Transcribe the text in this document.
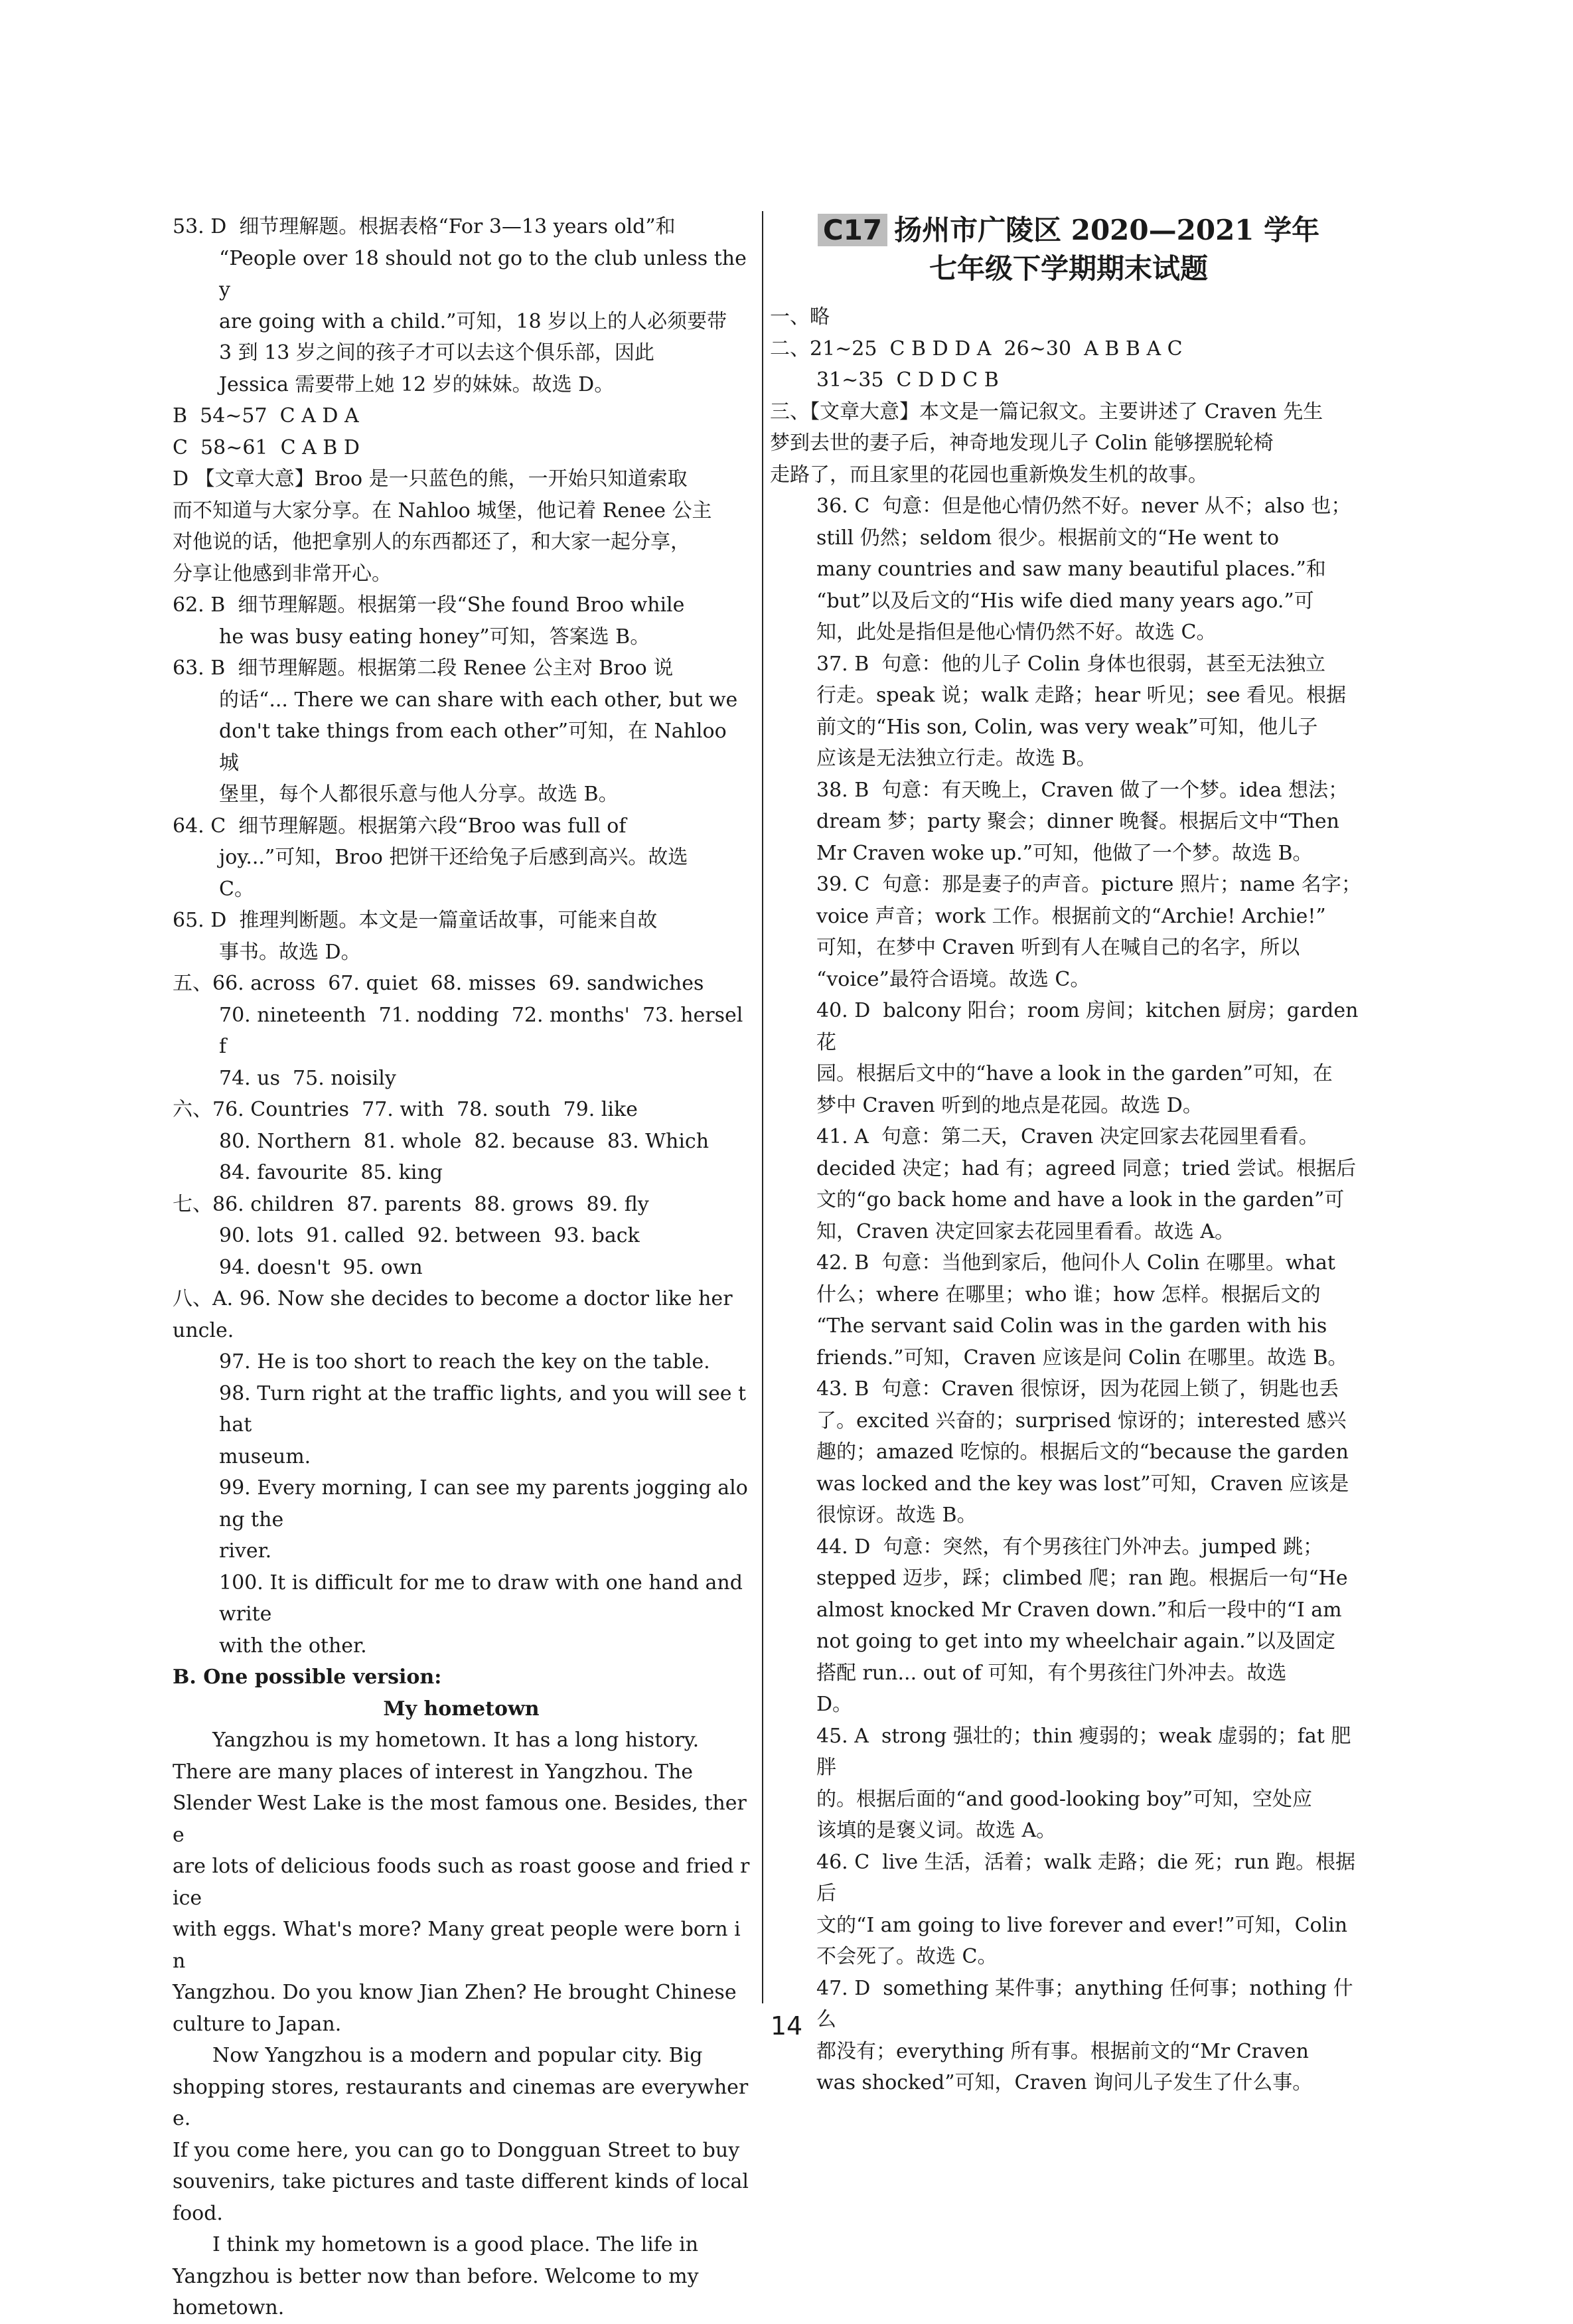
53. D  细节理解题。根据表格“For 3—13 years old”和
“People over 18 should not go to the club unless they
are going with a child.”可知，18 岁以上的人必须要带
3 到 13 岁之间的孩子才可以去这个俱乐部，因此
Jessica 需要带上她 12 岁的妹妹。故选 D。
B  54~57  C A D A
C  58~61  C A B D
D 【文章大意】Broo 是一只蓝色的熊，一开始只知道索取
而不知道与大家分享。在 Nahloo 城堡，他记着 Renee 公主
对他说的话，他把拿别人的东西都还了，和大家一起分享，
分享让他感到非常开心。
62. B  细节理解题。根据第一段“She found Broo while
he was busy eating honey”可知，答案选 B。
63. B  细节理解题。根据第二段 Renee 公主对 Broo 说
的话“... There we can share with each other, but we
don't take things from each other”可知，在 Nahloo 城
堡里，每个人都很乐意与他人分享。故选 B。
64. C  细节理解题。根据第六段“Broo was full of
joy...”可知，Broo 把饼干还给兔子后感到高兴。故选
C。
65. D  推理判断题。本文是一篇童话故事，可能来自故
事书。故选 D。
五、66. across  67. quiet  68. misses  69. sandwiches
70. nineteenth  71. nodding  72. months'  73. herself
74. us  75. noisily
六、76. Countries  77. with  78. south  79. like
80. Northern  81. whole  82. because  83. Which
84. favourite  85. king
七、86. children  87. parents  88. grows  89. fly
90. lots  91. called  92. between  93. back
94. doesn't  95. own
八、A. 96. Now she decides to become a doctor like her uncle.
97. He is too short to reach the key on the table.
98. Turn right at the traffic lights, and you will see that
museum.
99. Every morning, I can see my parents jogging along the
river.
100. It is difficult for me to draw with one hand and write
with the other.
B. One possible version:
My hometown
Yangzhou is my hometown. It has a long history.
There are many places of interest in Yangzhou. The
Slender West Lake is the most famous one. Besides, there
are lots of delicious foods such as roast goose and fried rice
with eggs. What's more? Many great people were born in
Yangzhou. Do you know Jian Zhen? He brought Chinese
culture to Japan.
Now Yangzhou is a modern and popular city. Big
shopping stores, restaurants and cinemas are everywhere.
If you come here, you can go to Dongguan Street to buy
souvenirs, take pictures and taste different kinds of local
food.
I think my hometown is a good place. The life in
Yangzhou is better now than before. Welcome to my
hometown.
C17 扬州市广陵区 2020—2021 学年
七年级下学期期末试题
一、略
二、21~25  C B D D A  26~30  A B B A C
31~35  C D D C B
三、【文章大意】本文是一篇记叙文。主要讲述了 Craven 先生
梦到去世的妻子后，神奇地发现儿子 Colin 能够摆脱轮椅
走路了，而且家里的花园也重新焕发生机的故事。
36. C  句意：但是他心情仍然不好。never 从不；also 也；
still 仍然；seldom 很少。根据前文的“He went to
many countries and saw many beautiful places.”和
“but”以及后文的“His wife died many years ago.”可
知，此处是指但是他心情仍然不好。故选 C。
37. B  句意：他的儿子 Colin 身体也很弱，甚至无法独立
行走。speak 说；walk 走路；hear 听见；see 看见。根据
前文的“His son, Colin, was very weak”可知，他儿子
应该是无法独立行走。故选 B。
38. B  句意：有天晚上，Craven 做了一个梦。idea 想法；
dream 梦；party 聚会；dinner 晚餐。根据后文中“Then
Mr Craven woke up.”可知，他做了一个梦。故选 B。
39. C  句意：那是妻子的声音。picture 照片；name 名字；
voice 声音；work 工作。根据前文的“Archie! Archie!”
可知，在梦中 Craven 听到有人在喊自己的名字，所以
“voice”最符合语境。故选 C。
40. D  balcony 阳台；room 房间；kitchen 厨房；garden 花
园。根据后文中的“have a look in the garden”可知，在
梦中 Craven 听到的地点是花园。故选 D。
41. A  句意：第二天，Craven 决定回家去花园里看看。
decided 决定；had 有；agreed 同意；tried 尝试。根据后
文的“go back home and have a look in the garden”可
知，Craven 决定回家去花园里看看。故选 A。
42. B  句意：当他到家后，他问仆人 Colin 在哪里。what
什么；where 在哪里；who 谁；how 怎样。根据后文的
“The servant said Colin was in the garden with his
friends.”可知，Craven 应该是问 Colin 在哪里。故选 B。
43. B  句意：Craven 很惊讶，因为花园上锁了，钥匙也丢
了。excited 兴奋的；surprised 惊讶的；interested 感兴
趣的；amazed 吃惊的。根据后文的“because the garden
was locked and the key was lost”可知，Craven 应该是
很惊讶。故选 B。
44. D  句意：突然，有个男孩往门外冲去。jumped 跳；
stepped 迈步，踩；climbed 爬；ran 跑。根据后一句“He
almost knocked Mr Craven down.”和后一段中的“I am
not going to get into my wheelchair again.”以及固定
搭配 run... out of 可知，有个男孩往门外冲去。故选
D。
45. A  strong 强壮的；thin 瘦弱的；weak 虚弱的；fat 肥胖
的。根据后面的“and good-looking boy”可知，空处应
该填的是褒义词。故选 A。
46. C  live 生活，活着；walk 走路；die 死；run 跑。根据后
文的“I am going to live forever and ever!”可知，Colin
不会死了。故选 C。
47. D  something 某件事；anything 任何事；nothing 什么
都没有；everything 所有事。根据前文的“Mr Craven
was shocked”可知，Craven 询问儿子发生了什么事。
14
